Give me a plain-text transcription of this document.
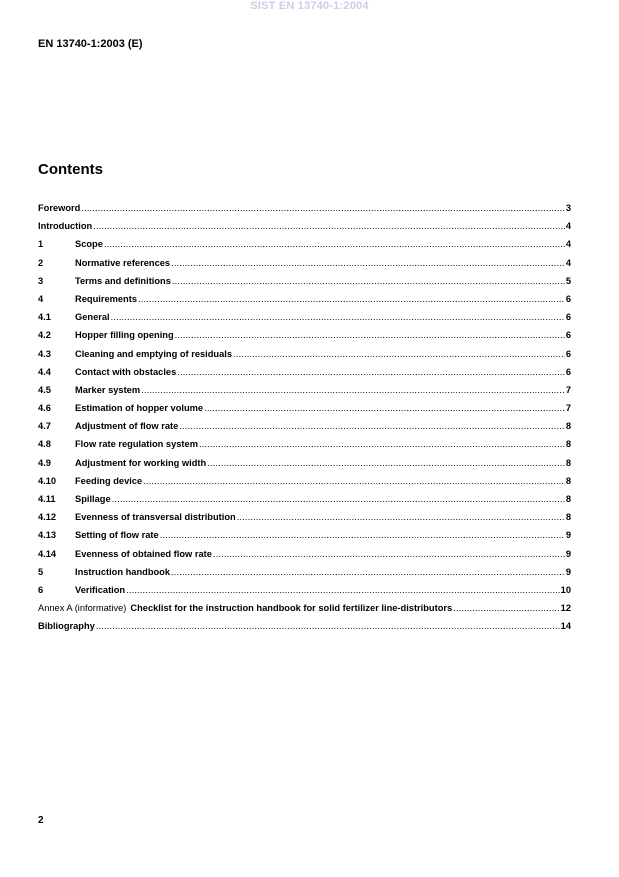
SIST EN 13740-1:2004
EN 13740-1:2003 (E)
Contents
Foreword .....	3
Introduction .....	4
1	Scope .....	4
2	Normative references .....	4
3	Terms and definitions .....	5
4	Requirements .....	6
4.1	General .....	6
4.2	Hopper filling opening .....	6
4.3	Cleaning and emptying of residuals .....	6
4.4	Contact with obstacles .....	6
4.5	Marker system .....	7
4.6	Estimation of hopper volume .....	7
4.7	Adjustment of flow rate .....	8
4.8	Flow rate regulation system .....	8
4.9	Adjustment for working width .....	8
4.10	Feeding device .....	8
4.11	Spillage .....	8
4.12	Evenness of transversal distribution .....	8
4.13	Setting of flow rate .....	9
4.14	Evenness of obtained flow rate .....	9
5	Instruction handbook .....	9
6	Verification .....	10
Annex A (informative) Checklist for the instruction handbook for solid fertilizer line-distributors .....	12
Bibliography .....	14
2
